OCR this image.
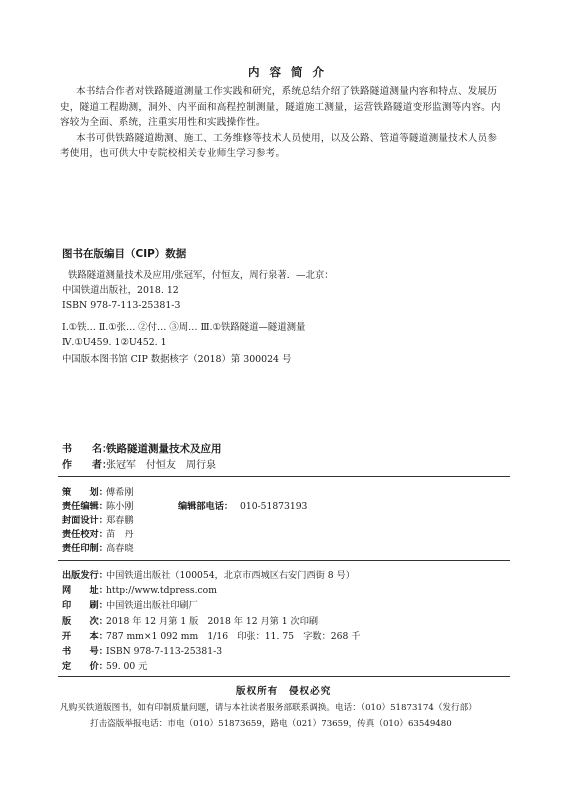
内 容 简 介

本书结合作者对铁路隧道测量工作实践和研究，系统总结介绍了铁路隧道测量内容和特点、发展历

史，隧道工程勘测，洞外、内平面和高程控制测量，隧道施工测量，运营铁路隧道变形监测等内容。内

容较为全面、系统，注重实用性和实践操作性。

本书可供铁路隧道勘测、施工、工务维修等技术人员使用，以及公路、管道等隧道测量技术人员参

考使用，也可供大中专院校相关专业师生学习参考。

图书在版编目（CIP）数据
铁路隧道测量技术及应用/张冠军，付恒友，周行泉著．—北京：
中国铁道出版社，2018. 12
ISBN 978-7-113-25381-3
Ⅰ.①铁… Ⅱ.①张… ②付… ③周… Ⅲ.①铁路隧道—隧道测量
Ⅳ.①U459. 1②U452. 1
中国版本图书馆 CIP 数据核字（2018）第 300024 号
书　　名：铁路隧道测量技术及应用
作　　者：张冠军　付恒友　周行泉
策　　划：傅希刚
责任编辑：陈小刚	编辑部电话： 010-51873193
封面设计：郑春鹏
责任校对：苗　丹
责任印制：高春晓
出版发行：中国铁道出版社（100054，北京市西城区右安门西街 8 号）
网　　址：http://www.tdpress.com
印　　刷：中国铁道出版社印刷厂
版　　次：2018 年 12 月第 1 版　2018 年 12 月第 1 次印刷
开　　本：787 mm×1 092 mm　1/16　印张：11. 75　字数：268 千
书　　号：ISBN 978-7-113-25381-3
定　　价：59. 00 元
版权所有　侵权必究
凡购买铁道版图书，如有印制质量问题，请与本社读者服务部联系调换。电话：（010）51873174（发行部）
打击盗版举报电话：市电（010）51873659，路电（021）73659，传真（010）63549480
